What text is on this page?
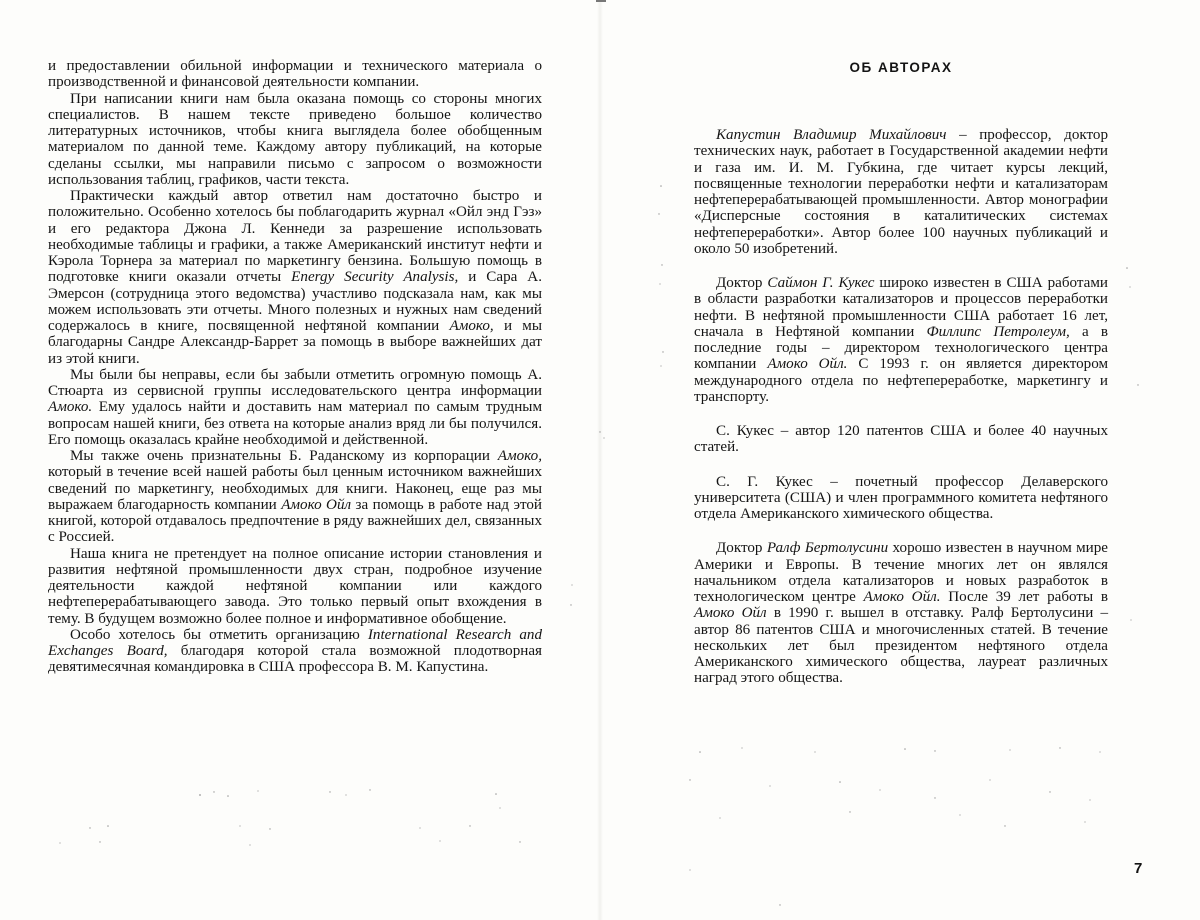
и предоставлении обильной информации и технического материала о производственной и финансовой деятельности компании.

При написании книги нам была оказана помощь со стороны многих специалистов. В нашем тексте приведено большое количество литературных источников, чтобы книга выглядела более обобщенным материалом по данной теме. Каждому автору публикаций, на которые сделаны ссылки, мы направили письмо с запросом о возможности использования таблиц, графиков, части текста.

Практически каждый автор ответил нам достаточно быстро и положительно. Особенно хотелось бы поблагодарить журнал «Ойл энд Гэз» и его редактора Джона Л. Кеннеди за разрешение использовать необходимые таблицы и графики, а также Американский институт нефти и Кэрола Торнера за материал по маркетингу бензина. Большую помощь в подготовке книги оказали отчеты Energy Security Analysis, и Сара А. Эмерсон (сотрудница этого ведомства) участливо подсказала нам, как мы можем использовать эти отчеты. Много полезных и нужных нам сведений содержалось в книге, посвященной нефтяной компании Амоко, и мы благодарны Сандре Александр-Баррет за помощь в выборе важнейших дат из этой книги.

Мы были бы неправы, если бы забыли отметить огромную помощь А. Стюарта из сервисной группы исследовательского центра информации Амоко. Ему удалось найти и доставить нам материал по самым трудным вопросам нашей книги, без ответа на которые анализ вряд ли бы получился. Его помощь оказалась крайне необходимой и действенной.

Мы также очень признательны Б. Раданскому из корпорации Амоко, который в течение всей нашей работы был ценным источником важнейших сведений по маркетингу, необходимых для книги. Наконец, еще раз мы выражаем благодарность компании Амоко Ойл за помощь в работе над этой книгой, которой отдавалось предпочтение в ряду важнейших дел, связанных с Россией.

Наша книга не претендует на полное описание истории становления и развития нефтяной промышленности двух стран, подробное изучение деятельности каждой нефтяной компании или каждого нефтеперерабатывающего завода. Это только первый опыт вхождения в тему. В будущем возможно более полное и информативное обобщение.

Особо хотелось бы отметить организацию International Research and Exchanges Board, благодаря которой стала возможной плодотворная девятимесячная командировка в США профессора В. М. Капустина.

ОБ АВТОРАХ

Капустин Владимир Михайлович – профессор, доктор технических наук, работает в Государственной академии нефти и газа им. И. М. Губкина, где читает курсы лекций, посвященные технологии переработки нефти и катализаторам нефтеперерабатывающей промышленности. Автор монографии «Дисперсные состояния в каталитических системах нефтепереработки». Автор более 100 научных публикаций и около 50 изобретений.

Доктор Саймон Г. Кукес широко известен в США работами в области разработки катализаторов и процессов переработки нефти. В нефтяной промышленности США работает 16 лет, сначала в Нефтяной компании Филлипс Петролеум, а в последние годы – директором технологического центра компании Амоко Ойл. С 1993 г. он является директором международного отдела по нефтепереработке, маркетингу и транспорту.

С. Кукес – автор 120 патентов США и более 40 научных статей.

С. Г. Кукес – почетный профессор Делаверского университета (США) и член программного комитета нефтяного отдела Американского химического общества.

Доктор Ралф Бертолусини хорошо известен в научном мире Америки и Европы. В течение многих лет он являлся начальником отдела катализаторов и новых разработок в технологическом центре Амоко Ойл. После 39 лет работы в Амоко Ойл в 1990 г. вышел в отставку. Ралф Бертолусини – автор 86 патентов США и многочисленных статей. В течение нескольких лет был президентом нефтяного отдела Американского химического общества, лауреат различных наград этого общества.

7
